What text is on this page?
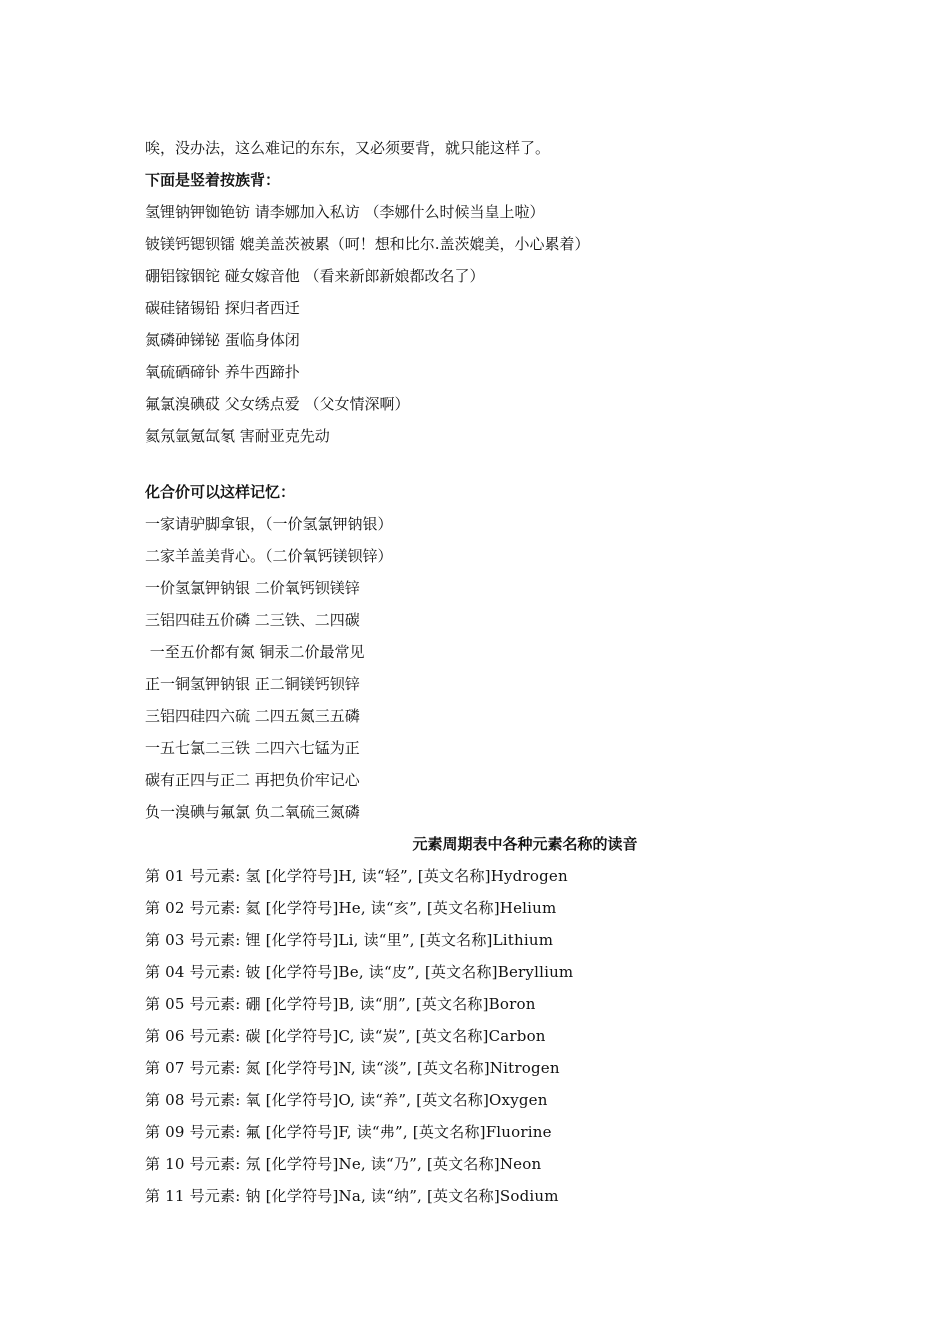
唉，没办法，这么难记的东东，又必须要背，就只能这样了。
下面是竖着按族背：
氢锂钠钾铷铯钫 请李娜加入私访 （李娜什么时候当皇上啦）
铍镁钙锶钡镭 媲美盖茨被累（呵！想和比尔.盖茨媲美，小心累着）
硼铝镓铟铊 碰女嫁音他 （看来新郎新娘都改名了）
碳硅锗锡铅 探归者西迁
氮磷砷锑铋 蛋临身体闭
氧硫硒碲钋 养牛西蹄扑
氟氯溴碘砹 父女绣点爱 （父女情深啊）
氦氖氩氪氙氡 害耐亚克先动
化合价可以这样记忆：
一家请驴脚拿银，（一价氢氯钾钠银）
二家羊盖美背心。（二价氧钙镁钡锌）
一价氢氯钾钠银 二价氧钙钡镁锌
三铝四硅五价磷 二三铁、二四碳
一至五价都有氮 铜汞二价最常见
正一铜氢钾钠银 正二铜镁钙钡锌
三铝四硅四六硫 二四五氮三五磷
一五七氯二三铁 二四六七锰为正
碳有正四与正二 再把负价牢记心
负一溴碘与氟氯 负二氧硫三氮磷
元素周期表中各种元素名称的读音
第 01 号元素: 氢 [化学符号]H, 读“轻”, [英文名称]Hydrogen
第 02 号元素: 氦 [化学符号]He, 读“亥”, [英文名称]Helium
第 03 号元素: 锂 [化学符号]Li, 读“里”, [英文名称]Lithium
第 04 号元素: 铍 [化学符号]Be, 读“皮”, [英文名称]Beryllium
第 05 号元素: 硼 [化学符号]B, 读“朋”, [英文名称]Boron
第 06 号元素: 碳 [化学符号]C, 读“炭”, [英文名称]Carbon
第 07 号元素: 氮 [化学符号]N, 读“淡”, [英文名称]Nitrogen
第 08 号元素: 氧 [化学符号]O, 读“养”, [英文名称]Oxygen
第 09 号元素: 氟 [化学符号]F, 读“弗”, [英文名称]Fluorine
第 10 号元素: 氖 [化学符号]Ne, 读“乃”, [英文名称]Neon
第 11 号元素: 钠 [化学符号]Na, 读“纳”, [英文名称]Sodium
